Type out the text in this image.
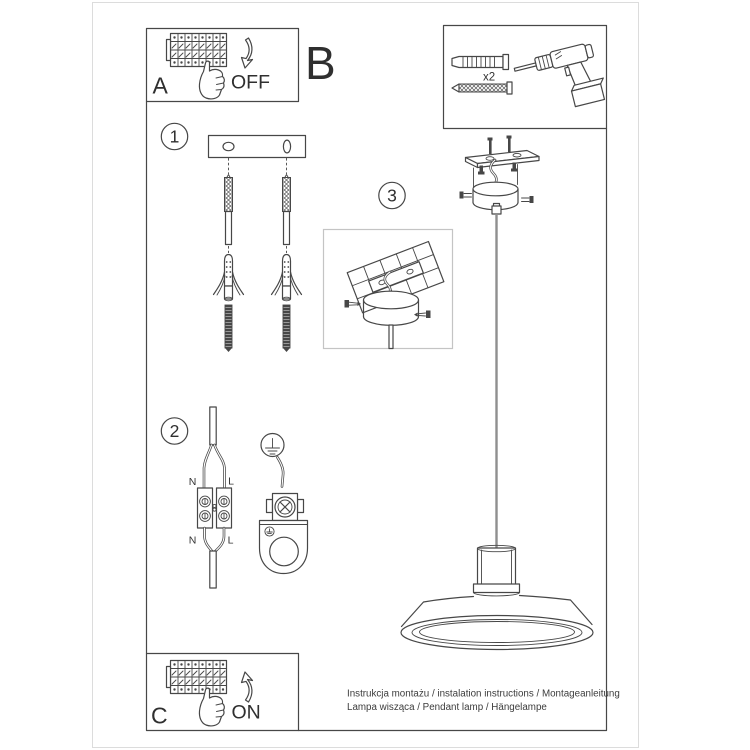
A	OFF B	x2
1
2
N	L
N	L
3
C	ON
Instrukcja montażu / instalation instructions / Montageanleitung
Lampa wisząca / Pendant lamp / Hängelampe
